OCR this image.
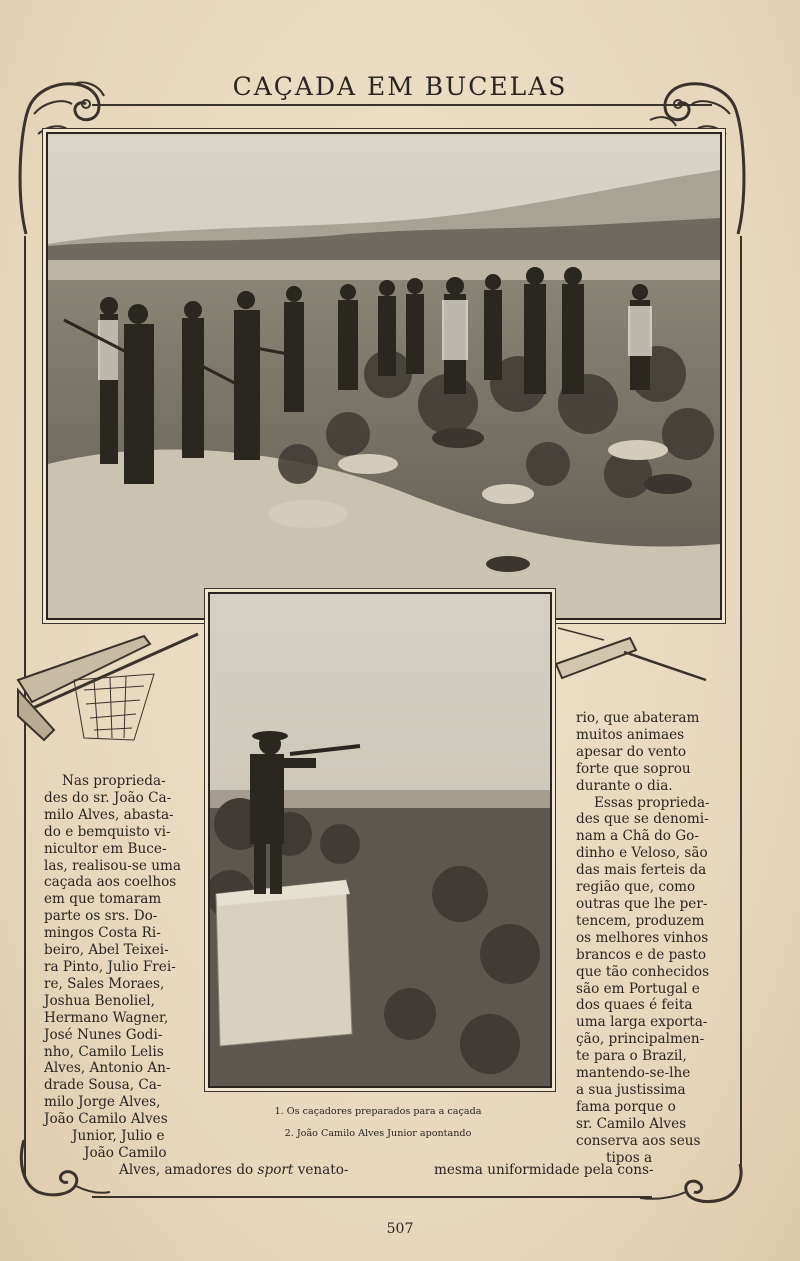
CAÇADA EM BUCELAS
1. Os caçadores preparados para a caçada
2. João Camilo Alves Junior apontando

Nas proprieda-

des do sr. João Ca-

milo Alves, abasta-

do e bemquisto vi-

nicultor em Buce-

las, realisou-se uma

caçada aos coelhos

em que tomaram

parte os srs. Do-

mingos Costa Ri-

beiro, Abel Teixei-

ra Pinto, Julio Frei-

re, Sales Moraes,

Joshua Benoliel,

Hermano Wagner,

José Nunes Godi-

nho, Camilo Lelis

Alves, Antonio An-

drade Sousa, Ca-

milo Jorge Alves,

João Camilo Alves

Junior, Julio e

João Camilo

rio, que abateram

muitos animaes

apesar do vento

forte que soprou

durante o dia.

Essas proprieda-

des que se denomi-

nam a Chã do Go-

dinho e Veloso, são

das mais ferteis da

região que, como

outras que lhe per-

tencem, produzem

os melhores vinhos

brancos e de pasto

que tão conhecidos

são em Portugal e

dos quaes é feita

uma larga exporta-

ção, principalmen-

te para o Brazil,

mantendo-se-lhe

a sua justissima

fama porque o

sr. Camilo Alves

conserva aos seus

tipos a

Alves, amadores do sport venato-	mesma uniformidade pela cons-
507
